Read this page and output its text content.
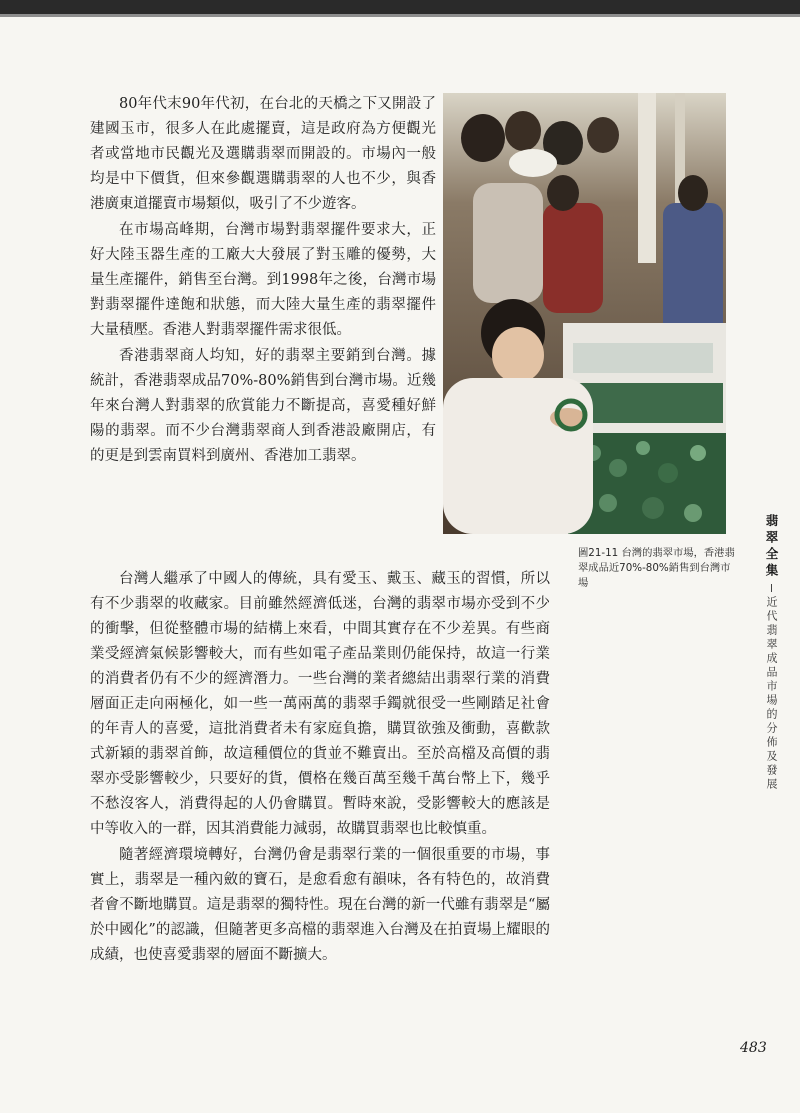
80年代末90年代初，在台北的天橋之下又開設了建國玉市，很多人在此處擺賣，這是政府為方便觀光者或當地市民觀光及選購翡翠而開設的。市場內一般均是中下價貨，但來參觀選購翡翠的人也不少，與香港廣東道擺賣市場類似，吸引了不少遊客。

在市場高峰期，台灣市場對翡翠擺件要求大，正好大陸玉器生產的工廠大大發展了對玉雕的優勢，大量生產擺件，銷售至台灣。到1998年之後，台灣市場對翡翠擺件達飽和狀態，而大陸大量生產的翡翠擺件大量積壓。香港人對翡翠擺件需求很低。

香港翡翠商人均知，好的翡翠主要銷到台灣。據統計，香港翡翠成品70%-80%銷售到台灣市場。近幾年來台灣人對翡翠的欣賞能力不斷提高，喜愛種好鮮陽的翡翠。而不少台灣翡翠商人到香港設廠開店，有的更是到雲南買料到廣州、香港加工翡翠。

圖21-11 台灣的翡翠市場，香港翡翠成品近70%-80%銷售到台灣市場
翡翠全集
近代翡翠成品市場的分佈及發展

台灣人繼承了中國人的傳統，具有愛玉、戴玉、藏玉的習慣，所以有不少翡翠的收藏家。目前雖然經濟低迷，台灣的翡翠市場亦受到不少的衝擊，但從整體市場的結構上來看，中間其實存在不少差異。有些商業受經濟氣候影響較大，而有些如電子產品業則仍能保持，故這一行業的消費者仍有不少的經濟潛力。一些台灣的業者總結出翡翠行業的消費層面正走向兩極化，如一些一萬兩萬的翡翠手鐲就很受一些剛踏足社會的年青人的喜愛，這批消費者未有家庭負擔，購買欲強及衝動，喜歡款式新穎的翡翠首飾，故這種價位的貨並不難賣出。至於高檔及高價的翡翠亦受影響較少，只要好的貨，價格在幾百萬至幾千萬台幣上下，幾乎不愁沒客人，消費得起的人仍會購買。暫時來說，受影響較大的應該是中等收入的一群，因其消費能力減弱，故購買翡翠也比較慎重。

隨著經濟環境轉好，台灣仍會是翡翠行業的一個很重要的市場，事實上，翡翠是一種內斂的寶石，是愈看愈有韻味，各有特色的，故消費者會不斷地購買。這是翡翠的獨特性。現在台灣的新一代雖有翡翠是“屬於中國化”的認識，但隨著更多高檔的翡翠進入台灣及在拍賣場上耀眼的成績，也使喜愛翡翠的層面不斷擴大。

483
